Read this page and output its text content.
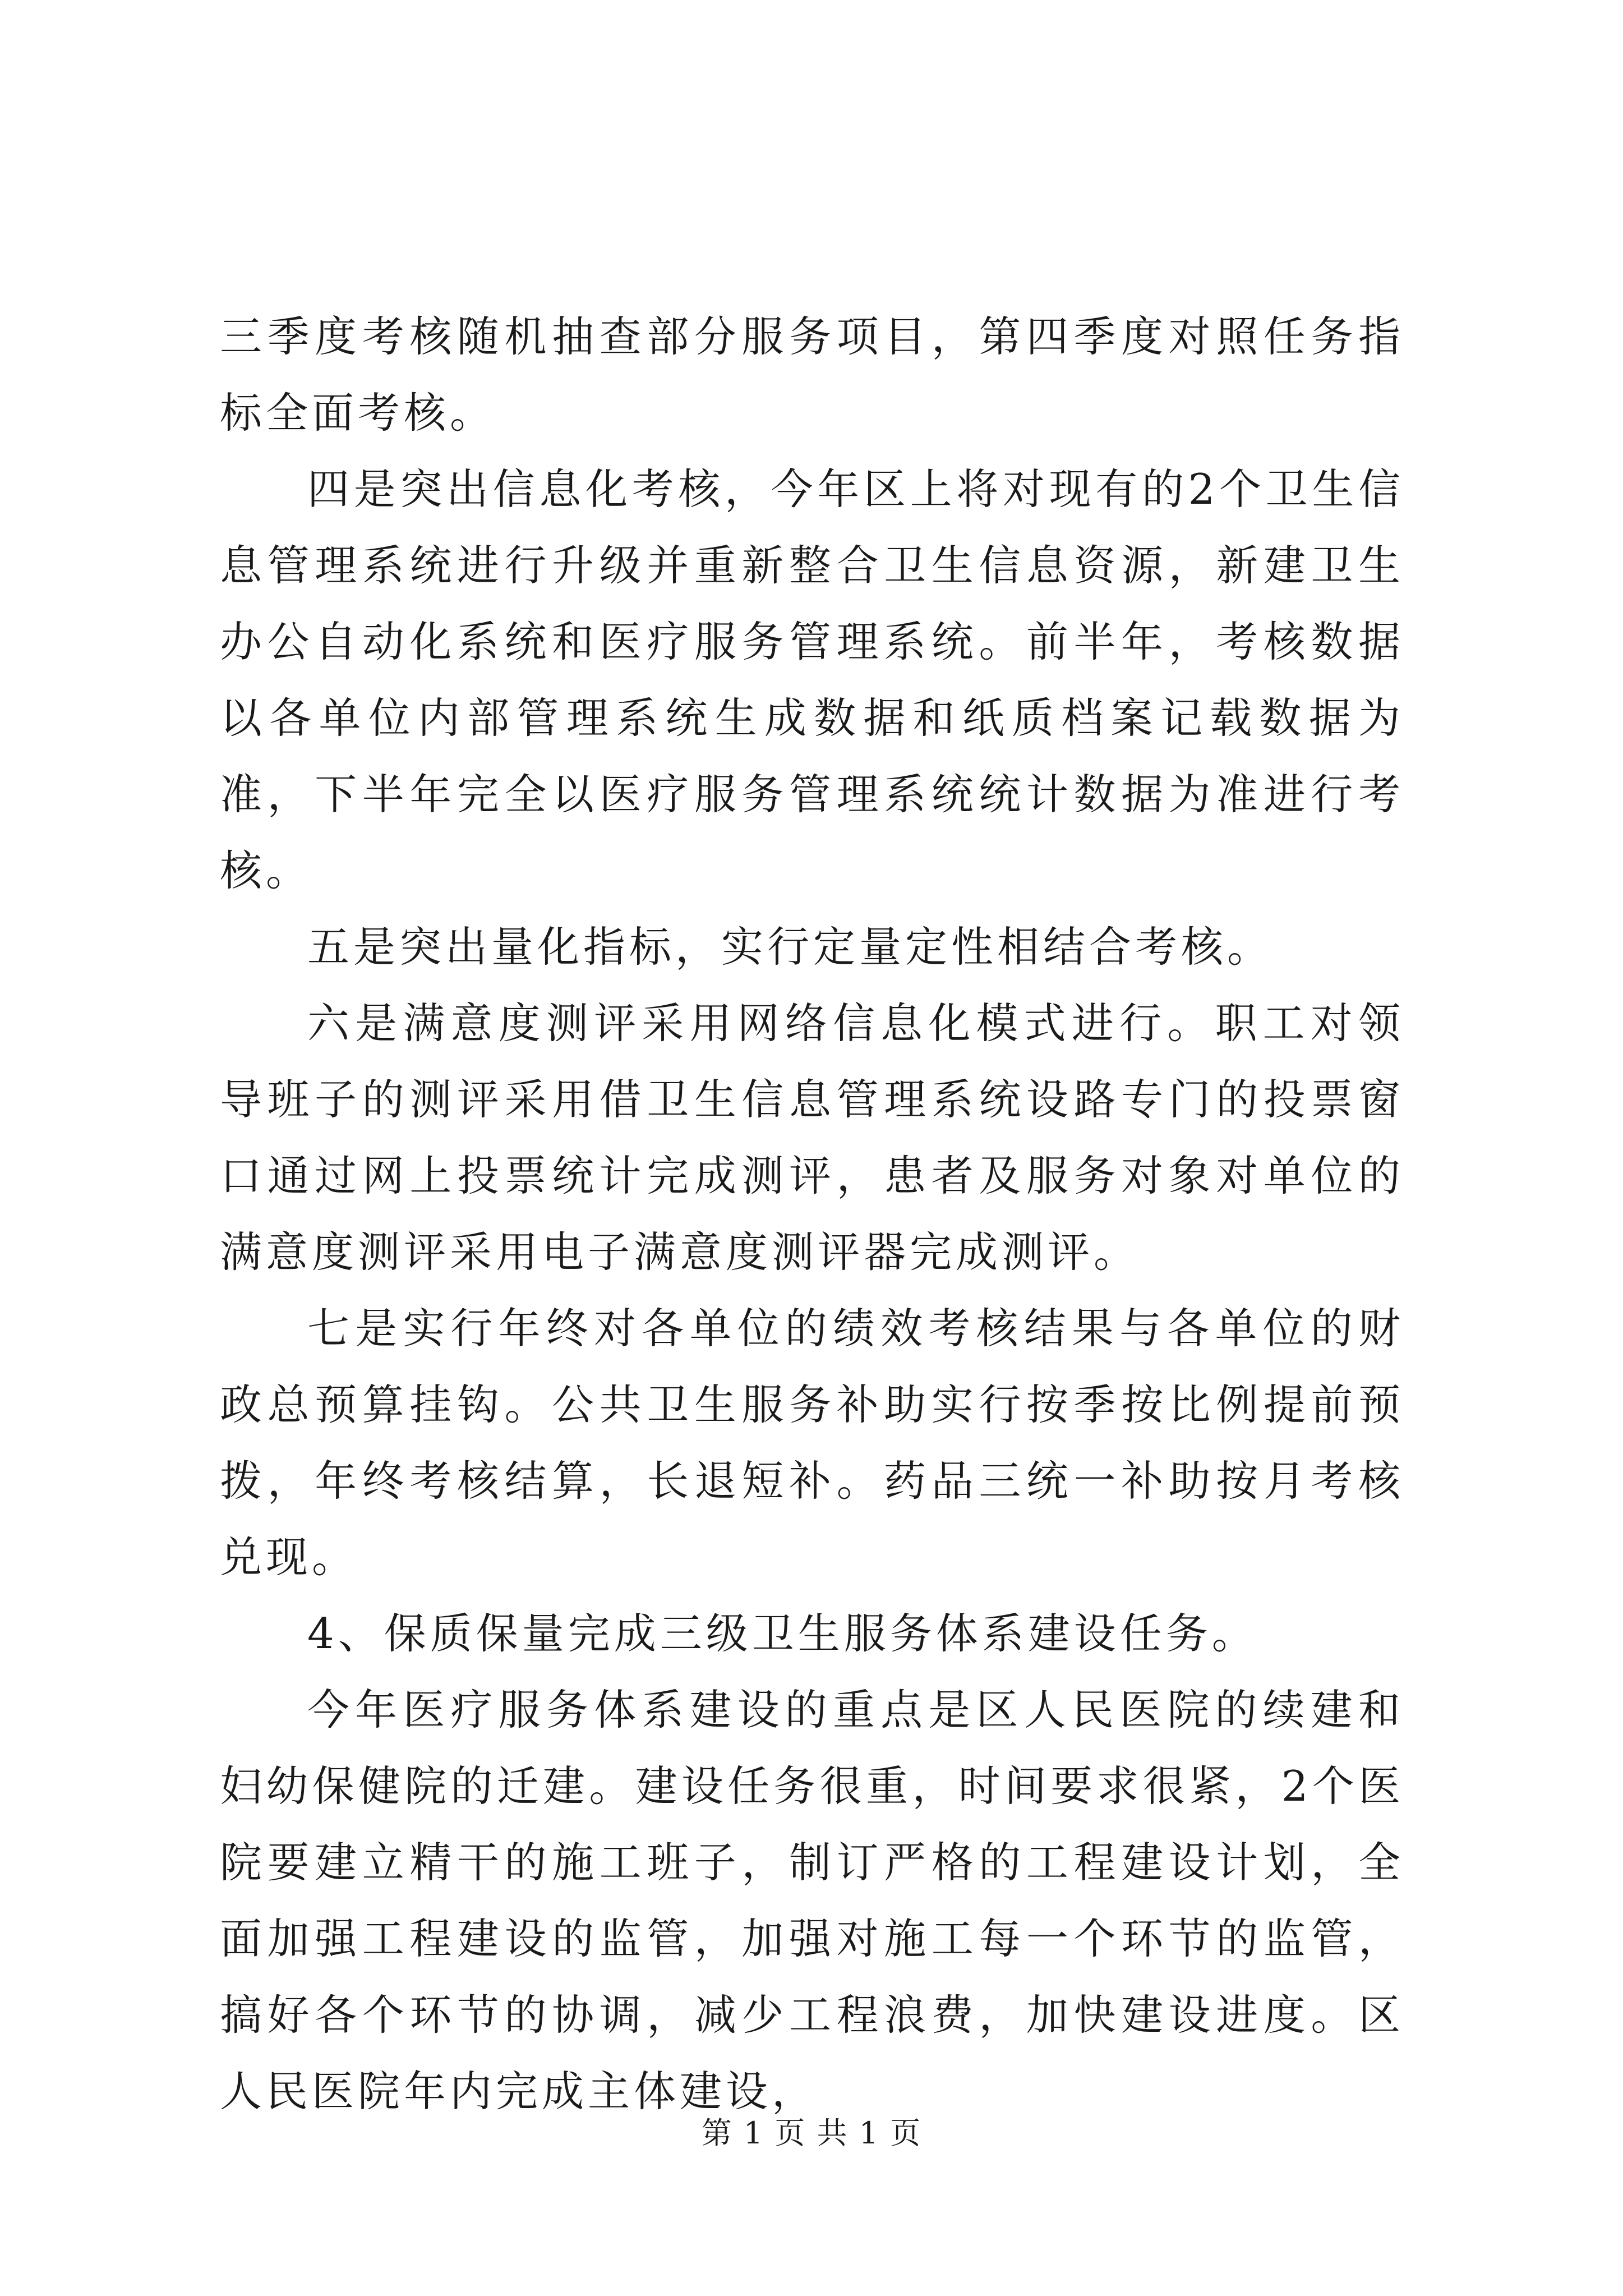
三季度考核随机抽查部分服务项目，第四季度对照任务指标全面考核。

四是突出信息化考核，今年区上将对现有的2个卫生信息管理系统进行升级并重新整合卫生信息资源，新建卫生办公自动化系统和医疗服务管理系统。前半年，考核数据以各单位内部管理系统生成数据和纸质档案记载数据为准，下半年完全以医疗服务管理系统统计数据为准进行考核。

五是突出量化指标，实行定量定性相结合考核。

六是满意度测评采用网络信息化模式进行。职工对领导班子的测评采用借卫生信息管理系统设路专门的投票窗口通过网上投票统计完成测评，患者及服务对象对单位的满意度测评采用电子满意度测评器完成测评。

七是实行年终对各单位的绩效考核结果与各单位的财政总预算挂钩。公共卫生服务补助实行按季按比例提前预拨，年终考核结算，长退短补。药品三统一补助按月考核兑现。

4、保质保量完成三级卫生服务体系建设任务。

今年医疗服务体系建设的重点是区人民医院的续建和妇幼保健院的迁建。建设任务很重，时间要求很紧，2个医院要建立精干的施工班子，制订严格的工程建设计划，全面加强工程建设的监管，加强对施工每一个环节的监管，搞好各个环节的协调，减少工程浪费，加快建设进度。区人民医院年内完成主体建设，

第 1 页 共 1 页
